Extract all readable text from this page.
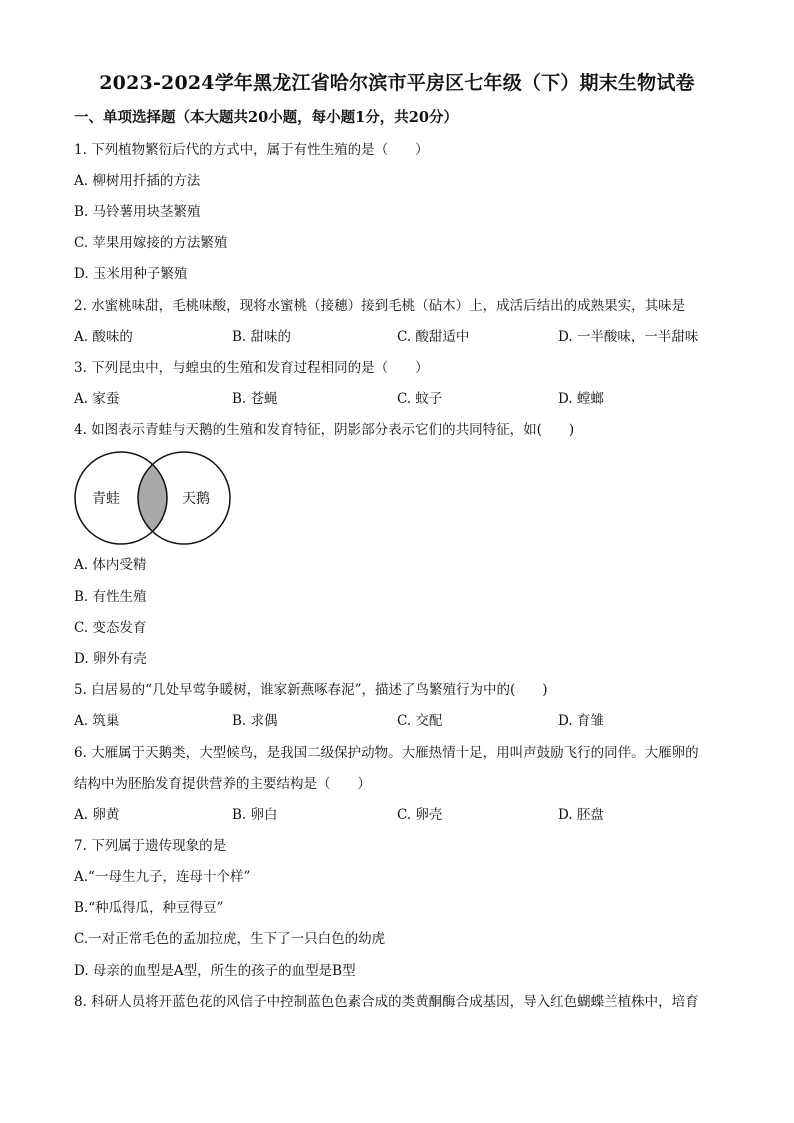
2023-2024学年黑龙江省哈尔滨市平房区七年级（下）期末生物试卷
一、单项选择题（本大题共20小题，每小题1分，共20分）
1. 下列植物繁衍后代的方式中，属于有性生殖的是（　　）
A. 柳树用扦插的方法
B. 马铃薯用块茎繁殖
C. 苹果用嫁接的方法繁殖
D. 玉米用种子繁殖
2. 水蜜桃味甜，毛桃味酸，现将水蜜桃（接穗）接到毛桃（砧木）上，成活后结出的成熟果实，其味是
A. 酸味的	B. 甜味的	C. 酸甜适中	D. 一半酸味，一半甜味
3. 下列昆虫中，与蝗虫的生殖和发育过程相同的是（　　）
A. 家蚕	B. 苍蝇	C. 蚊子	D. 螳螂
4. 如图表示青蛙与天鹅的生殖和发育特征，阴影部分表示它们的共同特征，如(　　)
青蛙	天鹅
A. 体内受精
B. 有性生殖
C. 变态发育
D. 卵外有壳
5. 白居易的“几处早莺争暖树，谁家新燕啄春泥”，描述了鸟繁殖行为中的(　　)
A. 筑巢	B. 求偶	C. 交配	D. 育雏
6. 大雁属于天鹅类，大型候鸟，是我国二级保护动物。大雁热情十足，用叫声鼓励飞行的同伴。大雁卵的
结构中为胚胎发育提供营养的主要结构是（　　）
A. 卵黄	B. 卵白	C. 卵壳	D. 胚盘
7. 下列属于遗传现象的是
A.“一母生九子，连母十个样”
B.“种瓜得瓜，种豆得豆”
C.一对正常毛色的孟加拉虎，生下了一只白色的幼虎
D. 母亲的血型是A型，所生的孩子的血型是B型
8. 科研人员将开蓝色花的风信子中控制蓝色色素合成的类黄酮酶合成基因，导入红色蝴蝶兰植株中，培育
